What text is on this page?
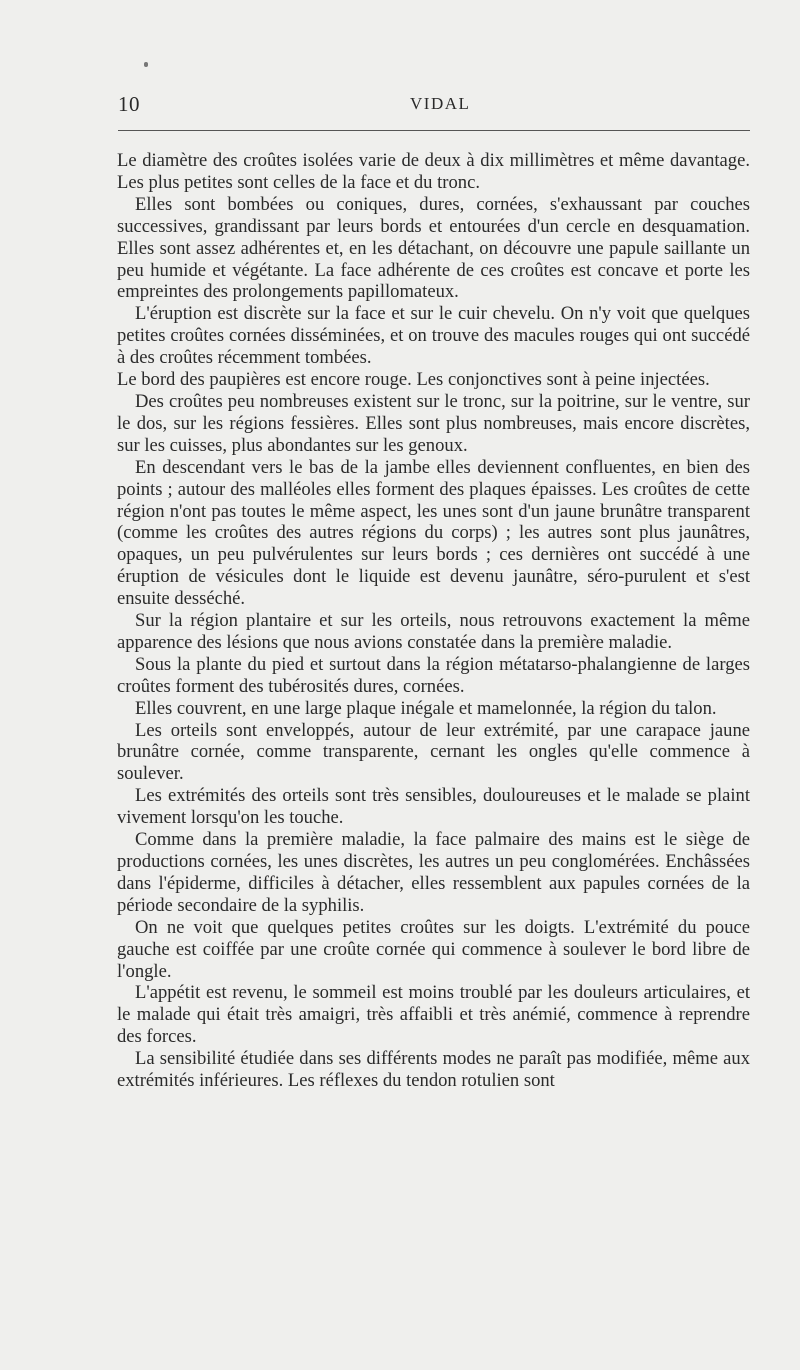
10	VIDAL

Le diamètre des croûtes isolées varie de deux à dix millimètres et même davantage. Les plus petites sont celles de la face et du tronc.

Elles sont bombées ou coniques, dures, cornées, s'exhaussant par couches successives, grandissant par leurs bords et entourées d'un cercle en desquamation. Elles sont assez adhérentes et, en les détachant, on découvre une papule saillante un peu humide et végétante. La face adhérente de ces croûtes est concave et porte les empreintes des prolongements papillomateux.

L'éruption est discrète sur la face et sur le cuir chevelu. On n'y voit que quelques petites croûtes cornées disséminées, et on trouve des macules rouges qui ont succédé à des croûtes récemment tombées.

Le bord des paupières est encore rouge. Les conjonctives sont à peine injectées.

Des croûtes peu nombreuses existent sur le tronc, sur la poitrine, sur le ventre, sur le dos, sur les régions fessières. Elles sont plus nombreuses, mais encore discrètes, sur les cuisses, plus abondantes sur les genoux.

En descendant vers le bas de la jambe elles deviennent confluentes, en bien des points ; autour des malléoles elles forment des plaques épaisses. Les croûtes de cette région n'ont pas toutes le même aspect, les unes sont d'un jaune brunâtre transparent (comme les croûtes des autres régions du corps) ; les autres sont plus jaunâtres, opaques, un peu pulvérulentes sur leurs bords ; ces dernières ont succédé à une éruption de vésicules dont le liquide est devenu jaunâtre, séro-purulent et s'est ensuite desséché.

Sur la région plantaire et sur les orteils, nous retrouvons exactement la même apparence des lésions que nous avions constatée dans la première maladie.

Sous la plante du pied et surtout dans la région métatarso-phalangienne de larges croûtes forment des tubérosités dures, cornées.

Elles couvrent, en une large plaque inégale et mamelonnée, la région du talon.

Les orteils sont enveloppés, autour de leur extrémité, par une carapace jaune brunâtre cornée, comme transparente, cernant les ongles qu'elle commence à soulever.

Les extrémités des orteils sont très sensibles, douloureuses et le malade se plaint vivement lorsqu'on les touche.

Comme dans la première maladie, la face palmaire des mains est le siège de productions cornées, les unes discrètes, les autres un peu conglomérées. Enchâssées dans l'épiderme, difficiles à détacher, elles ressemblent aux papules cornées de la période secondaire de la syphilis.

On ne voit que quelques petites croûtes sur les doigts. L'extrémité du pouce gauche est coiffée par une croûte cornée qui commence à soulever le bord libre de l'ongle.

L'appétit est revenu, le sommeil est moins troublé par les douleurs articulaires, et le malade qui était très amaigri, très affaibli et très anémié, commence à reprendre des forces.

La sensibilité étudiée dans ses différents modes ne paraît pas modifiée, même aux extrémités inférieures. Les réflexes du tendon rotulien sont
